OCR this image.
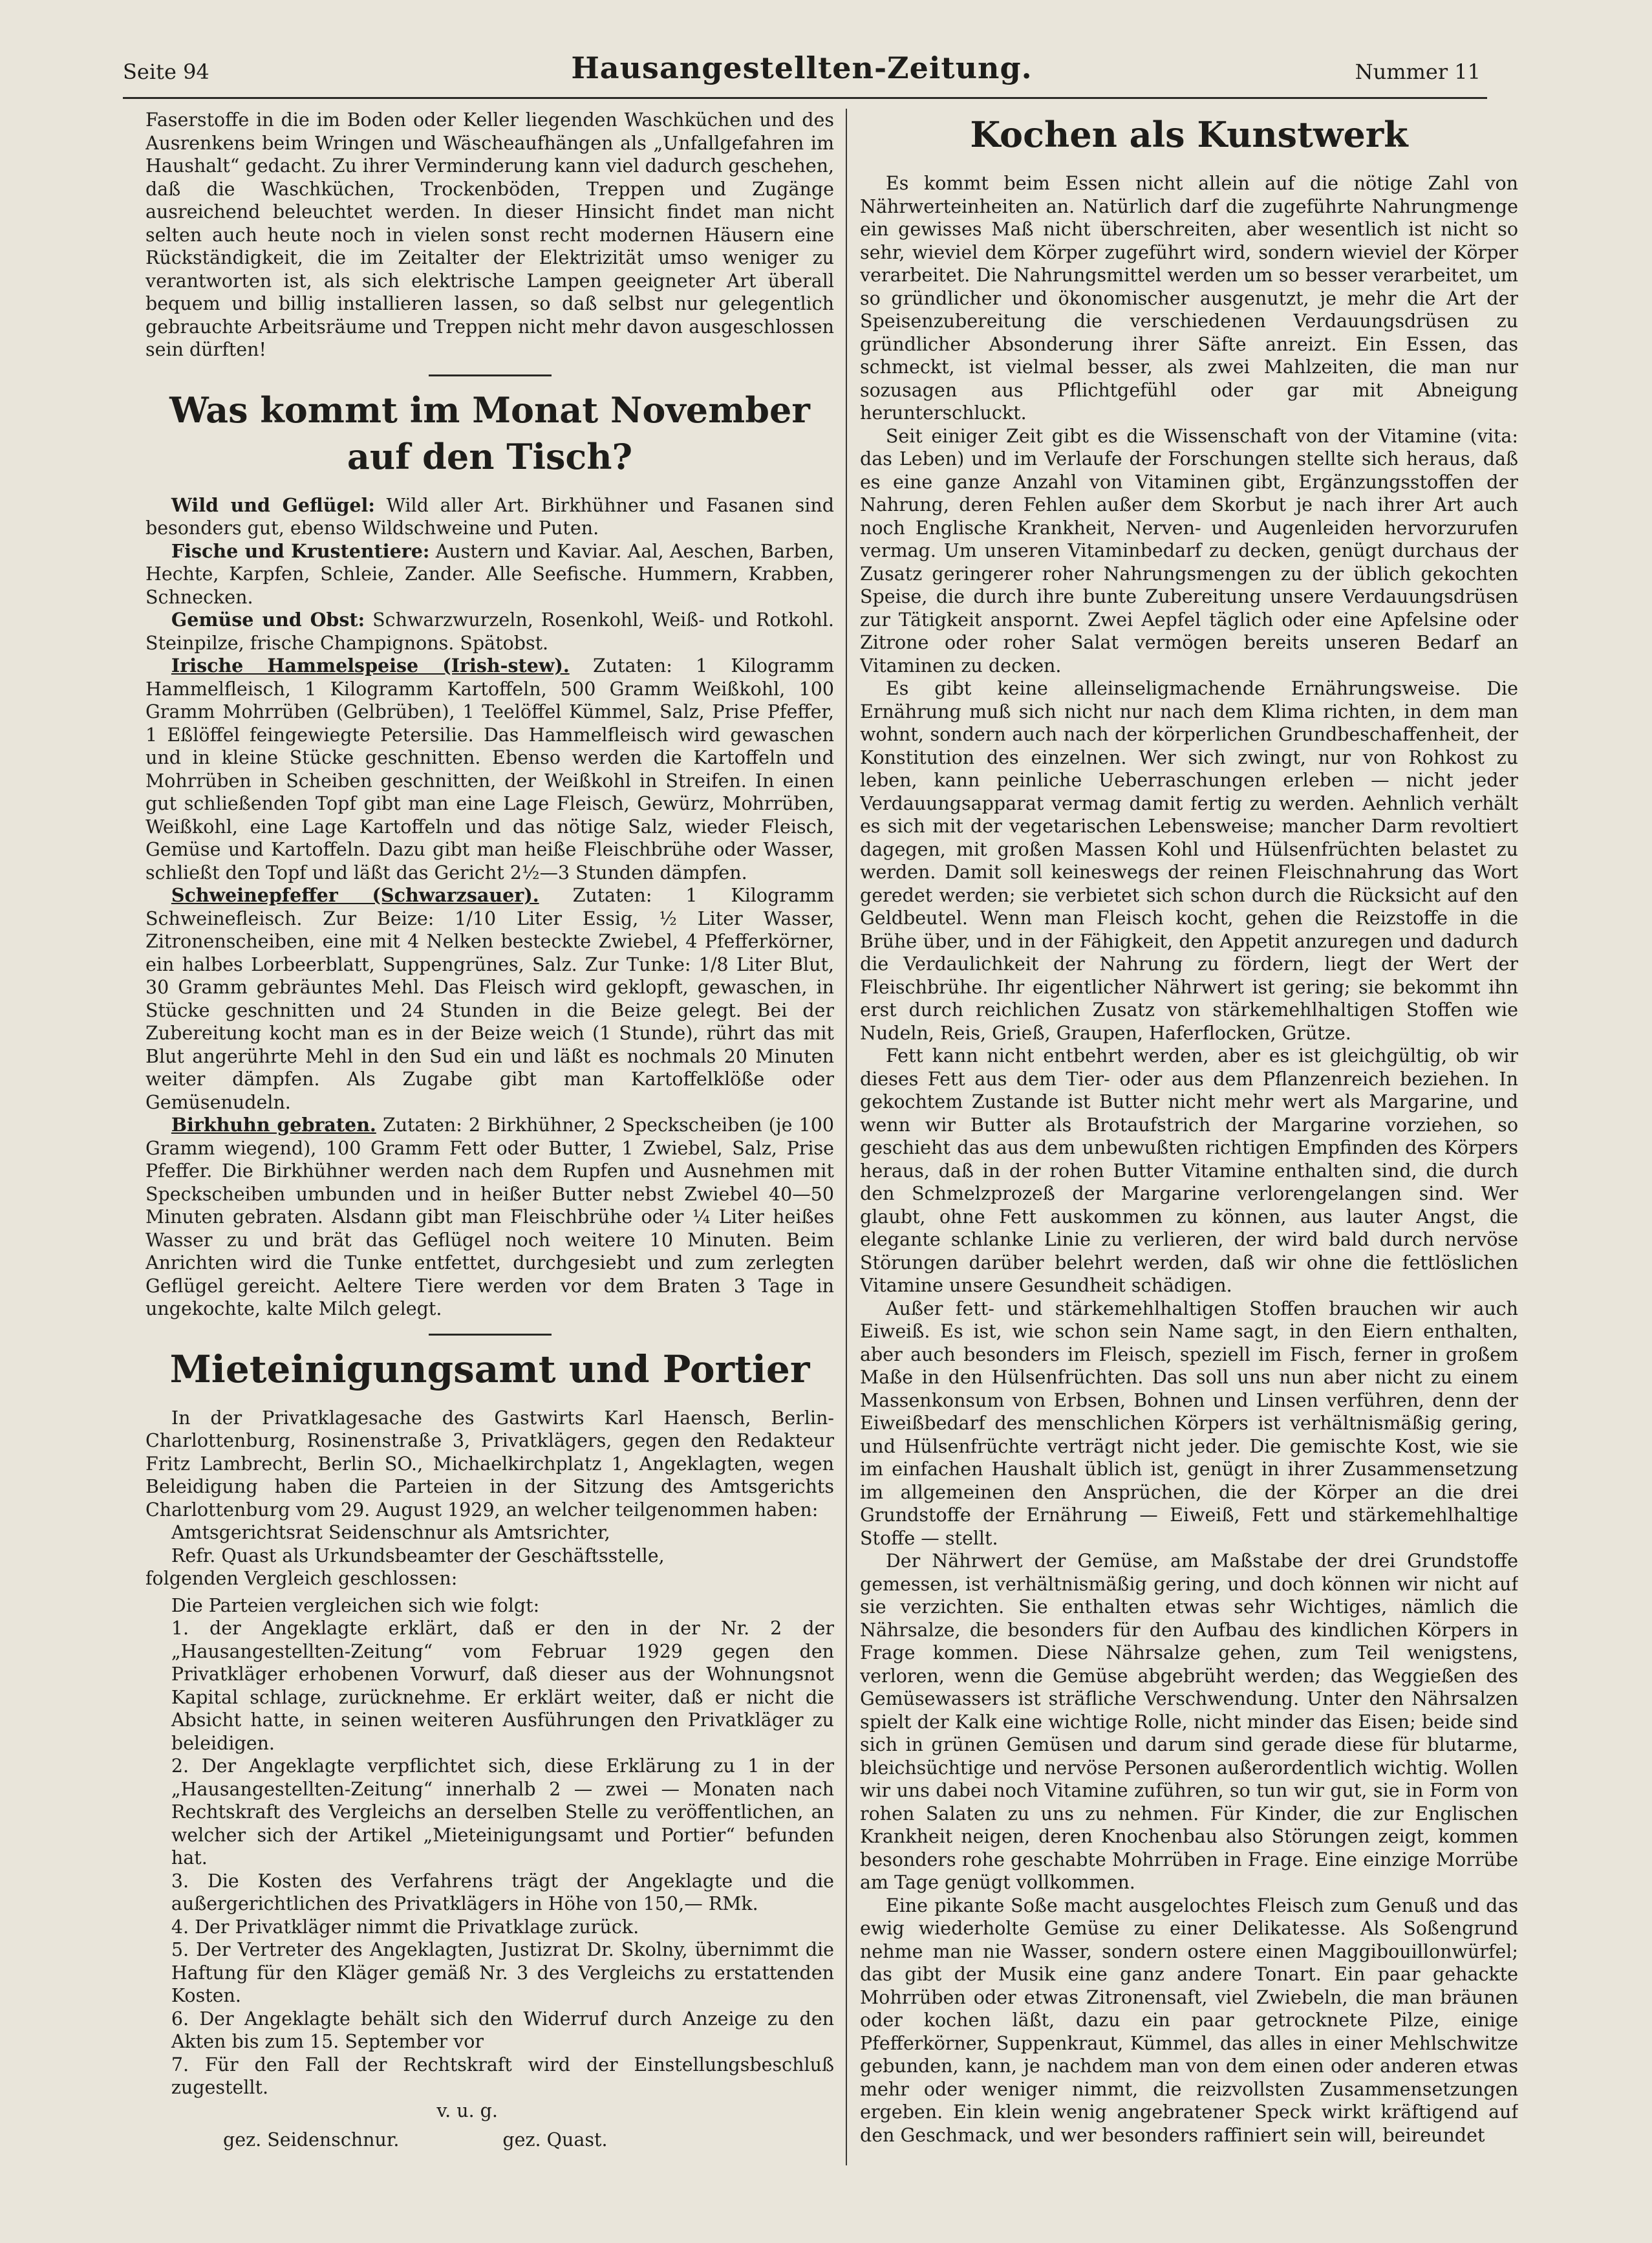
Seite 94	Hausangestellten-Zeitung.	Nummer 11

Faserstoffe in die im Boden oder Keller liegenden Waschküchen und des Ausrenkens beim Wringen und Wäscheaufhängen als „Unfallgefahren im Haushalt“ gedacht. Zu ihrer Verminderung kann viel dadurch geschehen, daß die Waschküchen, Trockenböden, Treppen und Zugänge ausreichend beleuchtet werden. In dieser Hinsicht findet man nicht selten auch heute noch in vielen sonst recht modernen Häusern eine Rückständigkeit, die im Zeitalter der Elektrizität umso weniger zu verantworten ist, als sich elektrische Lampen geeigneter Art überall bequem und billig installieren lassen, so daß selbst nur gelegentlich gebrauchte Arbeitsräume und Treppen nicht mehr davon ausgeschlossen sein dürften!

Was kommt im Monat November auf den Tisch?

Wild und Geflügel: Wild aller Art. Birkhühner und Fasanen sind besonders gut, ebenso Wildschweine und Puten.

Fische und Krustentiere: Austern und Kaviar. Aal, Aeschen, Barben, Hechte, Karpfen, Schleie, Zander. Alle Seefische. Hummern, Krabben, Schnecken.

Gemüse und Obst: Schwarzwurzeln, Rosenkohl, Weiß- und Rotkohl. Steinpilze, frische Champignons. Spätobst.

Irische Hammelspeise (Irish-stew). Zutaten: 1 Kilogramm Hammelfleisch, 1 Kilogramm Kartoffeln, 500 Gramm Weißkohl, 100 Gramm Mohrrüben (Gelbrüben), 1 Teelöffel Kümmel, Salz, Prise Pfeffer, 1 Eßlöffel feingewiegte Petersilie. Das Hammelfleisch wird gewaschen und in kleine Stücke geschnitten. Ebenso werden die Kartoffeln und Mohrrüben in Scheiben geschnitten, der Weißkohl in Streifen. In einen gut schließenden Topf gibt man eine Lage Fleisch, Gewürz, Mohrrüben, Weißkohl, eine Lage Kartoffeln und das nötige Salz, wieder Fleisch, Gemüse und Kartoffeln. Dazu gibt man heiße Fleischbrühe oder Wasser, schließt den Topf und läßt das Gericht 2½—3 Stunden dämpfen.

Schweinepfeffer (Schwarzsauer). Zutaten: 1 Kilogramm Schweinefleisch. Zur Beize: 1/10 Liter Essig, ½ Liter Wasser, Zitronenscheiben, eine mit 4 Nelken besteckte Zwiebel, 4 Pfefferkörner, ein halbes Lorbeerblatt, Suppengrünes, Salz. Zur Tunke: 1/8 Liter Blut, 30 Gramm gebräuntes Mehl. Das Fleisch wird geklopft, gewaschen, in Stücke geschnitten und 24 Stunden in die Beize gelegt. Bei der Zubereitung kocht man es in der Beize weich (1 Stunde), rührt das mit Blut angerührte Mehl in den Sud ein und läßt es nochmals 20 Minuten weiter dämpfen. Als Zugabe gibt man Kartoffelklöße oder Gemüsenudeln.

Birkhuhn gebraten. Zutaten: 2 Birkhühner, 2 Speckscheiben (je 100 Gramm wiegend), 100 Gramm Fett oder Butter, 1 Zwiebel, Salz, Prise Pfeffer. Die Birkhühner werden nach dem Rupfen und Ausnehmen mit Speckscheiben umbunden und in heißer Butter nebst Zwiebel 40—50 Minuten gebraten. Alsdann gibt man Fleischbrühe oder ¼ Liter heißes Wasser zu und brät das Geflügel noch weitere 10 Minuten. Beim Anrichten wird die Tunke entfettet, durchgesiebt und zum zerlegten Geflügel gereicht. Aeltere Tiere werden vor dem Braten 3 Tage in ungekochte, kalte Milch gelegt.

Mieteinigungsamt und Portier

In der Privatklagesache des Gastwirts Karl Haensch, Berlin-Charlottenburg, Rosinenstraße 3, Privatklägers, gegen den Redakteur Fritz Lambrecht, Berlin SO., Michaelkirchplatz 1, Angeklagten, wegen Beleidigung haben die Parteien in der Sitzung des Amtsgerichts Charlottenburg vom 29. August 1929, an welcher teilgenommen haben:

Amtsgerichtsrat Seidenschnur als Amtsrichter,

Refr. Quast als Urkundsbeamter der Geschäftsstelle,

folgenden Vergleich geschlossen:

Die Parteien vergleichen sich wie folgt:

1. der Angeklagte erklärt, daß er den in der Nr. 2 der „Hausangestellten-Zeitung“ vom Februar 1929 gegen den Privatkläger erhobenen Vorwurf, daß dieser aus der Wohnungsnot Kapital schlage, zurücknehme. Er erklärt weiter, daß er nicht die Absicht hatte, in seinen weiteren Ausführungen den Privatkläger zu beleidigen.

2. Der Angeklagte verpflichtet sich, diese Erklärung zu 1 in der „Hausangestellten-Zeitung“ innerhalb 2 — zwei — Monaten nach Rechtskraft des Vergleichs an derselben Stelle zu veröffentlichen, an welcher sich der Artikel „Mieteinigungsamt und Portier“ befunden hat.

3. Die Kosten des Verfahrens trägt der Angeklagte und die außergerichtlichen des Privatklägers in Höhe von 150,— RMk.

4. Der Privatkläger nimmt die Privatklage zurück.

5. Der Vertreter des Angeklagten, Justizrat Dr. Skolny, übernimmt die Haftung für den Kläger gemäß Nr. 3 des Vergleichs zu erstattenden Kosten.

6. Der Angeklagte behält sich den Widerruf durch Anzeige zu den Akten bis zum 15. September vor

7. Für den Fall der Rechtskraft wird der Einstellungsbeschluß zugestellt.

v. u. g.

gez. Seidenschnur.	gez. Quast.
Kochen als Kunstwerk

Es kommt beim Essen nicht allein auf die nötige Zahl von Nährwerteinheiten an. Natürlich darf die zugeführte Nahrungmenge ein gewisses Maß nicht überschreiten, aber wesentlich ist nicht so sehr, wieviel dem Körper zugeführt wird, sondern wieviel der Körper verarbeitet. Die Nahrungsmittel werden um so besser verarbeitet, um so gründlicher und ökonomischer ausgenutzt, je mehr die Art der Speisenzubereitung die verschiedenen Verdauungsdrüsen zu gründlicher Absonderung ihrer Säfte anreizt. Ein Essen, das schmeckt, ist vielmal besser, als zwei Mahlzeiten, die man nur sozusagen aus Pflichtgefühl oder gar mit Abneigung herunterschluckt.

Seit einiger Zeit gibt es die Wissenschaft von der Vitamine (vita: das Leben) und im Verlaufe der Forschungen stellte sich heraus, daß es eine ganze Anzahl von Vitaminen gibt, Ergänzungsstoffen der Nahrung, deren Fehlen außer dem Skorbut je nach ihrer Art auch noch Englische Krankheit, Nerven- und Augenleiden hervorzurufen vermag. Um unseren Vitaminbedarf zu decken, genügt durchaus der Zusatz geringerer roher Nahrungsmengen zu der üblich gekochten Speise, die durch ihre bunte Zubereitung unsere Verdauungsdrüsen zur Tätigkeit anspornt. Zwei Aepfel täglich oder eine Apfelsine oder Zitrone oder roher Salat vermögen bereits unseren Bedarf an Vitaminen zu decken.

Es gibt keine alleinseligmachende Ernährungsweise. Die Ernährung muß sich nicht nur nach dem Klima richten, in dem man wohnt, sondern auch nach der körperlichen Grundbeschaffenheit, der Konstitution des einzelnen. Wer sich zwingt, nur von Rohkost zu leben, kann peinliche Ueberraschungen erleben — nicht jeder Verdauungsapparat vermag damit fertig zu werden. Aehnlich verhält es sich mit der vegetarischen Lebensweise; mancher Darm revoltiert dagegen, mit großen Massen Kohl und Hülsenfrüchten belastet zu werden. Damit soll keineswegs der reinen Fleischnahrung das Wort geredet werden; sie verbietet sich schon durch die Rücksicht auf den Geldbeutel. Wenn man Fleisch kocht, gehen die Reizstoffe in die Brühe über, und in der Fähigkeit, den Appetit anzuregen und dadurch die Verdaulichkeit der Nahrung zu fördern, liegt der Wert der Fleischbrühe. Ihr eigentlicher Nährwert ist gering; sie bekommt ihn erst durch reichlichen Zusatz von stärkemehlhaltigen Stoffen wie Nudeln, Reis, Grieß, Graupen, Haferflocken, Grütze.

Fett kann nicht entbehrt werden, aber es ist gleichgültig, ob wir dieses Fett aus dem Tier- oder aus dem Pflanzenreich beziehen. In gekochtem Zustande ist Butter nicht mehr wert als Margarine, und wenn wir Butter als Brotaufstrich der Margarine vorziehen, so geschieht das aus dem unbewußten richtigen Empfinden des Körpers heraus, daß in der rohen Butter Vitamine enthalten sind, die durch den Schmelzprozeß der Margarine verlorengelangen sind. Wer glaubt, ohne Fett auskommen zu können, aus lauter Angst, die elegante schlanke Linie zu verlieren, der wird bald durch nervöse Störungen darüber belehrt werden, daß wir ohne die fettlöslichen Vitamine unsere Gesundheit schädigen.

Außer fett- und stärkemehlhaltigen Stoffen brauchen wir auch Eiweiß. Es ist, wie schon sein Name sagt, in den Eiern enthalten, aber auch besonders im Fleisch, speziell im Fisch, ferner in großem Maße in den Hülsenfrüchten. Das soll uns nun aber nicht zu einem Massenkonsum von Erbsen, Bohnen und Linsen verführen, denn der Eiweißbedarf des menschlichen Körpers ist verhältnismäßig gering, und Hülsenfrüchte verträgt nicht jeder. Die gemischte Kost, wie sie im einfachen Haushalt üblich ist, genügt in ihrer Zusammensetzung im allgemeinen den Ansprüchen, die der Körper an die drei Grundstoffe der Ernährung — Eiweiß, Fett und stärkemehlhaltige Stoffe — stellt.

Der Nährwert der Gemüse, am Maßstabe der drei Grundstoffe gemessen, ist verhältnismäßig gering, und doch können wir nicht auf sie verzichten. Sie enthalten etwas sehr Wichtiges, nämlich die Nährsalze, die besonders für den Aufbau des kindlichen Körpers in Frage kommen. Diese Nährsalze gehen, zum Teil wenigstens, verloren, wenn die Gemüse abgebrüht werden; das Weggießen des Gemüsewassers ist sträfliche Verschwendung. Unter den Nährsalzen spielt der Kalk eine wichtige Rolle, nicht minder das Eisen; beide sind sich in grünen Gemüsen und darum sind gerade diese für blutarme, bleichsüchtige und nervöse Personen außerordentlich wichtig. Wollen wir uns dabei noch Vitamine zuführen, so tun wir gut, sie in Form von rohen Salaten zu uns zu nehmen. Für Kinder, die zur Englischen Krankheit neigen, deren Knochenbau also Störungen zeigt, kommen besonders rohe geschabte Mohrrüben in Frage. Eine einzige Morrübe am Tage genügt vollkommen.

Eine pikante Soße macht ausgelochtes Fleisch zum Genuß und das ewig wiederholte Gemüse zu einer Delikatesse. Als Soßengrund nehme man nie Wasser, sondern ostere einen Maggibouillonwürfel; das gibt der Musik eine ganz andere Tonart. Ein paar gehackte Mohrrüben oder etwas Zitronensaft, viel Zwiebeln, die man bräunen oder kochen läßt, dazu ein paar getrocknete Pilze, einige Pfefferkörner, Suppenkraut, Kümmel, das alles in einer Mehlschwitze gebunden, kann, je nachdem man von dem einen oder anderen etwas mehr oder weniger nimmt, die reizvollsten Zusammensetzungen ergeben. Ein klein wenig angebratener Speck wirkt kräftigend auf den Geschmack, und wer besonders raffiniert sein will, beireundet
